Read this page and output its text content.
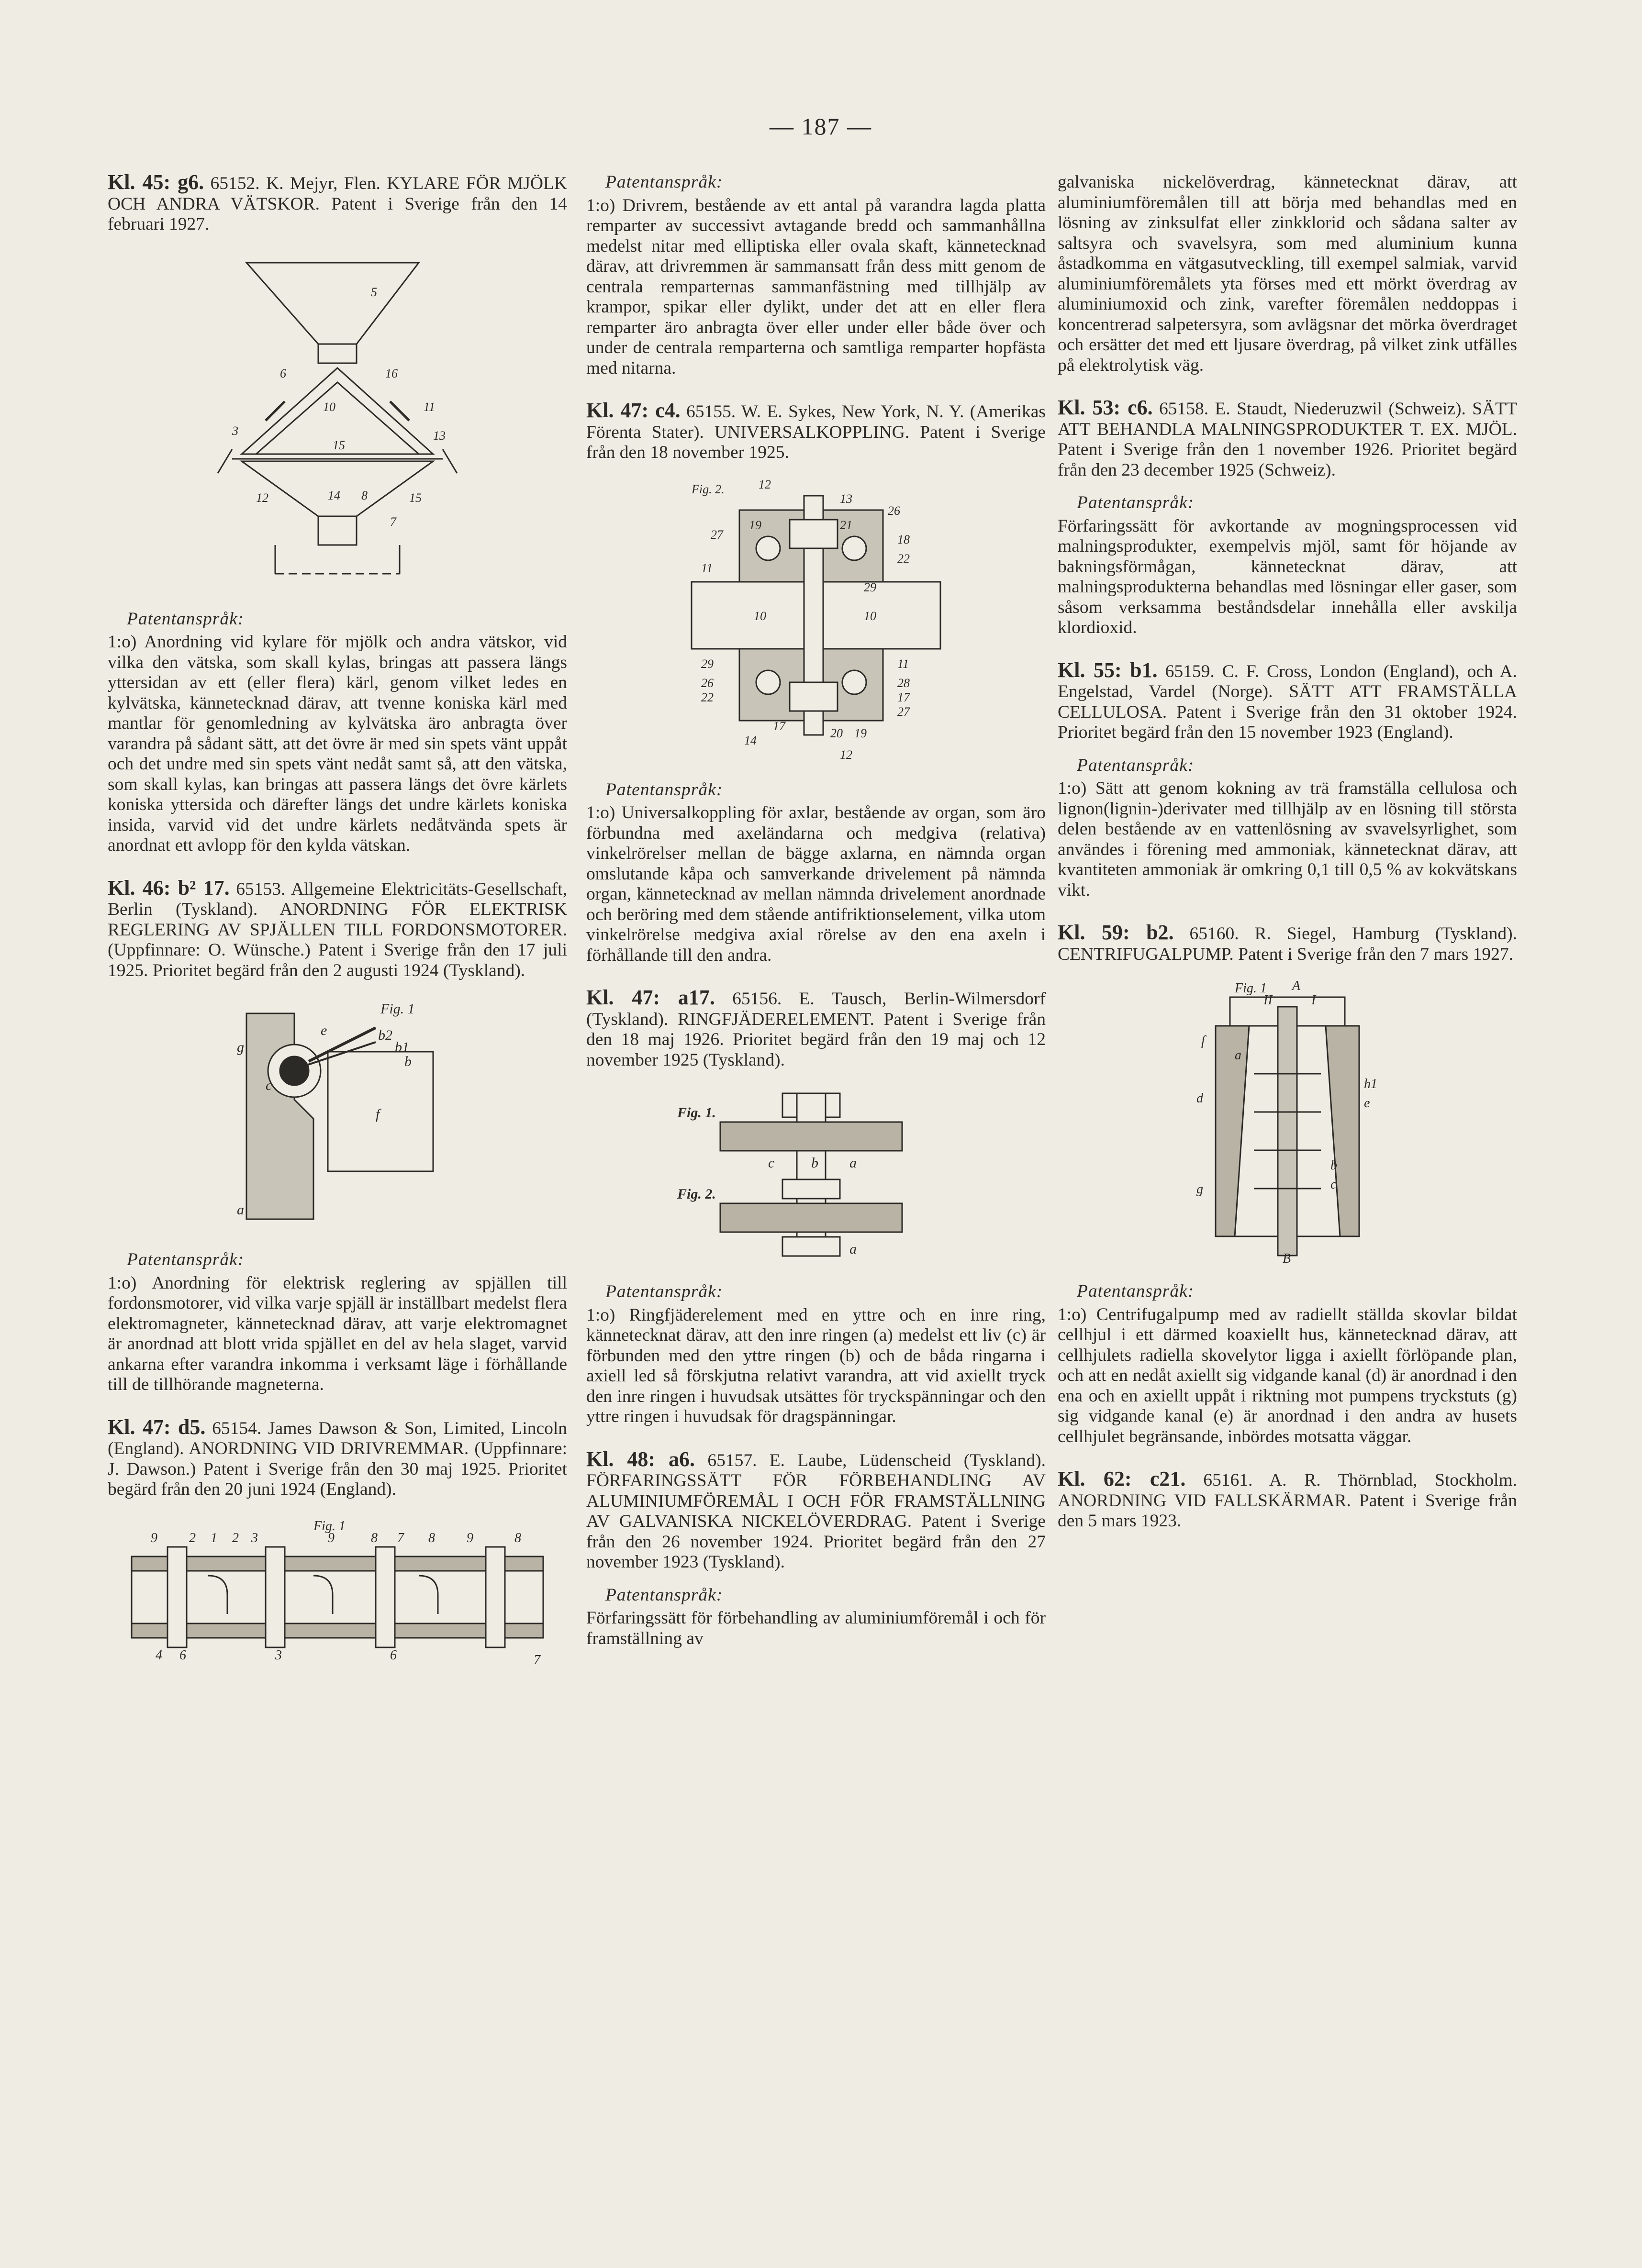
— 187 —

Kl. 45: g6. 65152. K. Mejyr, Flen. KYLARE FÖR MJÖLK OCH ANDRA VÄTSKOR. Patent i Sverige från den 14 februari 1927.

5
16
6
3
10	11
15
13
12	8
7
14	15
Patentanspråk:

1:o) Anordning vid kylare för mjölk och andra vätskor, vid vilka den vätska, som skall kylas, bringas att passera längs yttersidan av ett (eller flera) kärl, genom vilket ledes en kylvätska, kännetecknad därav, att tvenne koniska kärl med mantlar för genomledning av kylvätska äro anbragta över varandra på sådant sätt, att det övre är med sin spets vänt uppåt och det undre med sin spets vänt nedåt samt så, att den vätska, som skall kylas, kan bringas att passera längs det övre kärlets koniska yttersida och därefter längs det undre kärlets koniska insida, varvid vid det undre kärlets nedåtvända spets är anordnat ett avlopp för den kylda vätskan.

Kl. 46: b² 17. 65153. Allgemeine Elektricitäts-Gesellschaft, Berlin (Tyskland). ANORDNING FÖR ELEKTRISK REGLERING AV SPJÄLLEN TILL FORDONSMOTORER. (Uppfinnare: O. Wünsche.) Patent i Sverige från den 17 juli 1925. Prioritet begärd från den 2 augusti 1924 (Tyskland).

Fig. 1
b2
b1
b
e
g
c
a
f
Patentanspråk:

1:o) Anordning för elektrisk reglering av spjällen till fordonsmotorer, vid vilka varje spjäll är inställbart medelst flera elektromagneter, kännetecknad därav, att varje elektromagnet är anordnad att blott vrida spjället en del av hela slaget, varvid ankarna efter varandra inkomma i verksamt läge i förhållande till de tillhörande magneterna.

Kl. 47: d5. 65154. James Dawson & Son, Limited, Lincoln (England). ANORDNING VID DRIVREMMAR. (Uppfinnare: J. Dawson.) Patent i Sverige från den 30 maj 1925. Prioritet begärd från den 20 juni 1924 (England).

Fig. 1
9 2 1 2 3	9	8 7 8 9	8
4 6	3	6	7
Patentanspråk:

1:o) Drivrem, bestående av ett antal på varandra lagda platta remparter av successivt avtagande bredd och sammanhållna medelst nitar med elliptiska eller ovala skaft, kännetecknad därav, att drivremmen är sammansatt från dess mitt genom de centrala remparternas sammanfästning med tillhjälp av krampor, spikar eller dylikt, under det att en eller flera remparter äro anbragta över eller under eller både över och under de centrala remparterna och samtliga remparter hopfästa med nitarna.

Kl. 47: c4. 65155. W. E. Sykes, New York, N. Y. (Amerikas Förenta Stater). UNIVERSALKOPPLING. Patent i Sverige från den 18 november 1925.

Fig. 2.	12
13
26
19	21
27	18
22
11
10	10
29
11
28
17
27
14
17
20 19
12
29
26
22
Patentanspråk:

1:o) Universalkoppling för axlar, bestående av organ, som äro förbundna med axeländarna och medgiva (relativa) vinkelrörelser mellan de bägge axlarna, en nämnda organ omslutande kåpa och samverkande drivelement på nämnda organ, kännetecknad av mellan nämnda drivelement anordnade och beröring med dem stående antifriktionselement, vilka utom vinkelrörelse medgiva axial rörelse av den ena axeln i förhållande till den andra.

Kl. 47: a17. 65156. E. Tausch, Berlin-Wilmersdorf (Tyskland). RINGFJÄDERELEMENT. Patent i Sverige från den 18 maj 1926. Prioritet begärd från den 19 maj och 12 november 1925 (Tyskland).

Fig. 1.
Fig. 2.
c	b a
a
Patentanspråk:

1:o) Ringfjäderelement med en yttre och en inre ring, kännetecknat därav, att den inre ringen (a) medelst ett liv (c) är förbunden med den yttre ringen (b) och de båda ringarna i axiell led så förskjutna relativt varandra, att vid axiellt tryck den inre ringen i huvudsak utsättes för tryckspänningar och den yttre ringen i huvudsak för dragspänningar.

Kl. 48: a6. 65157. E. Laube, Lüdenscheid (Tyskland). FÖRFARINGSSÄTT FÖR FÖRBEHANDLING AV ALUMINIUMFÖREMÅL I OCH FÖR FRAMSTÄLLNING AV GALVANISKA NICKELÖVERDRAG. Patent i Sverige från den 26 november 1924. Prioritet begärd från den 27 november 1923 (Tyskland).

Patentanspråk:

Förfaringssätt för förbehandling av aluminiumföremål i och för framställning av

galvaniska nickelöverdrag, kännetecknat därav, att aluminiumföremålen till att börja med behandlas med en lösning av zinksulfat eller zinkklorid och sådana salter av saltsyra och svavelsyra, som med aluminium kunna åstadkomma en vätgasutveckling, till exempel salmiak, varvid aluminiumföremålets yta förses med ett mörkt överdrag av aluminiumoxid och zink, varefter föremålen neddoppas i koncentrerad salpetersyra, som avlägsnar det mörka överdraget och ersätter det med ett ljusare överdrag, på vilket zink utfälles på elektrolytisk väg.

Kl. 53: c6. 65158. E. Staudt, Niederuzwil (Schweiz). SÄTT ATT BEHANDLA MALNINGSPRODUKTER T. EX. MJÖL. Patent i Sverige från den 1 november 1926. Prioritet begärd från den 23 december 1925 (Schweiz).

Patentanspråk:

Förfaringssätt för avkortande av mogningsprocessen vid malningsprodukter, exempelvis mjöl, samt för höjande av bakningsförmågan, kännetecknat därav, att malningsprodukterna behandlas med lösningar eller gaser, som såsom verksamma beståndsdelar innehålla eller avskilja klordioxid.

Kl. 55: b1. 65159. C. F. Cross, London (England), och A. Engelstad, Vardel (Norge). SÄTT ATT FRAMSTÄLLA CELLULOSA. Patent i Sverige från den 31 oktober 1924. Prioritet begärd från den 15 november 1923 (England).

Patentanspråk:

1:o) Sätt att genom kokning av trä framställa cellulosa och lignon(lignin-)derivater med tillhjälp av en lösning till största delen bestående av en vattenlösning av svavelsyrlighet, som användes i förening med ammoniak, kännetecknat därav, att kvantiteten ammoniak är omkring 0,1 till 0,5 % av kokvätskans vikt.

Kl. 59: b2. 65160. R. Siegel, Hamburg (Tyskland). CENTRIFUGALPUMP. Patent i Sverige från den 7 mars 1927.

Fig. 1 A
I
II
f
a
h1
d	e
g
b
c
B
Patentanspråk:

1:o) Centrifugalpump med av radiellt ställda skovlar bildat cellhjul i ett därmed koaxiellt hus, kännetecknad därav, att cellhjulets radiella skovelytor ligga i axiellt förlöpande plan, och att en nedåt axiellt sig vidgande kanal (d) är anordnad i den ena och en axiellt uppåt i riktning mot pumpens tryckstuts (g) sig vidgande kanal (e) är anordnad i den andra av husets cellhjulet begränsande, inbördes motsatta väggar.

Kl. 62: c21. 65161. A. R. Thörnblad, Stockholm. ANORDNING VID FALLSKÄRMAR. Patent i Sverige från den 5 mars 1923.
